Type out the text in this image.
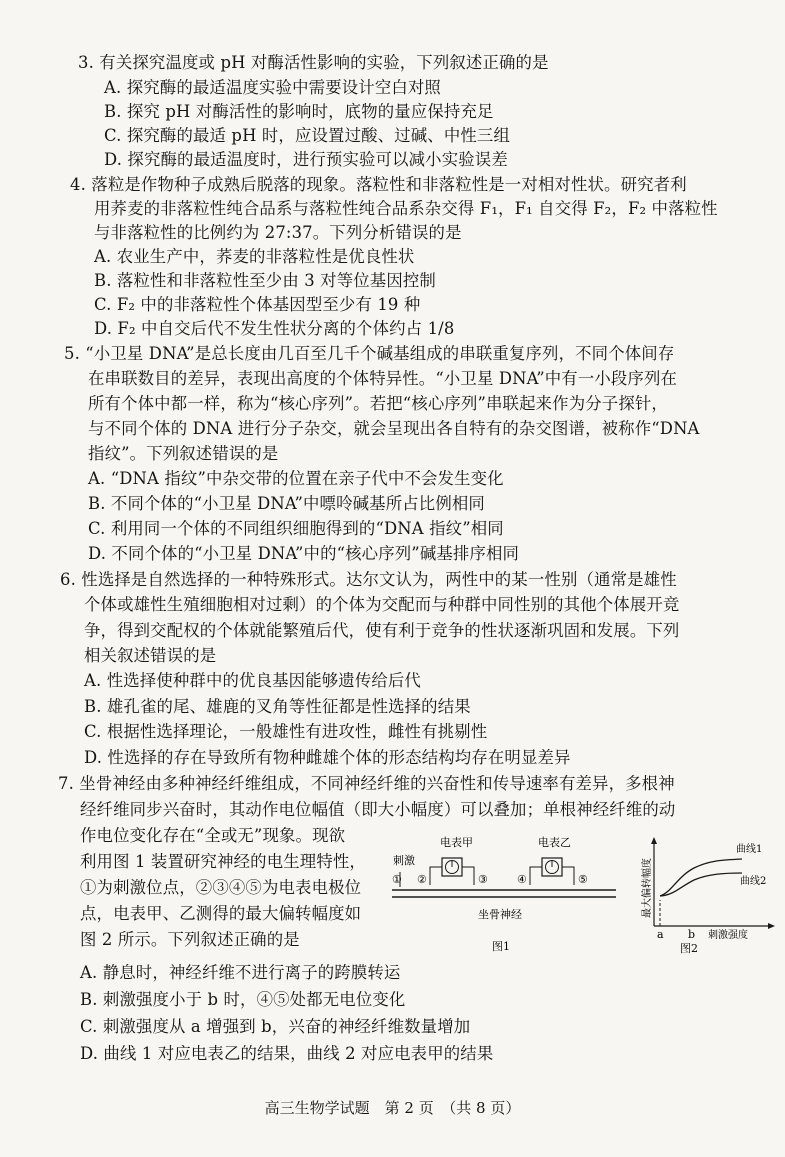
3. 有关探究温度或 pH 对酶活性影响的实验，下列叙述正确的是
A. 探究酶的最适温度实验中需要设计空白对照
B. 探究 pH 对酶活性的影响时，底物的量应保持充足
C. 探究酶的最适 pH 时，应设置过酸、过碱、中性三组
D. 探究酶的最适温度时，进行预实验可以减小实验误差
4. 落粒是作物种子成熟后脱落的现象。落粒性和非落粒性是一对相对性状。研究者利
用荞麦的非落粒性纯合品系与落粒性纯合品系杂交得 F₁，F₁ 自交得 F₂，F₂ 中落粒性
与非落粒性的比例约为 27:37。下列分析错误的是
A. 农业生产中，荞麦的非落粒性是优良性状
B. 落粒性和非落粒性至少由 3 对等位基因控制
C. F₂ 中的非落粒性个体基因型至少有 19 种
D. F₂ 中自交后代不发生性状分离的个体约占 1/8
5. “小卫星 DNA”是总长度由几百至几千个碱基组成的串联重复序列，不同个体间存
在串联数目的差异，表现出高度的个体特异性。“小卫星 DNA”中有一小段序列在
所有个体中都一样，称为“核心序列”。若把“核心序列”串联起来作为分子探针，
与不同个体的 DNA 进行分子杂交，就会呈现出各自特有的杂交图谱，被称作“DNA
指纹”。下列叙述错误的是
A. “DNA 指纹”中杂交带的位置在亲子代中不会发生变化
B. 不同个体的“小卫星 DNA”中嘌呤碱基所占比例相同
C. 利用同一个体的不同组织细胞得到的“DNA 指纹”相同
D. 不同个体的“小卫星 DNA”中的“核心序列”碱基排序相同
6. 性选择是自然选择的一种特殊形式。达尔文认为，两性中的某一性别（通常是雄性
个体或雄性生殖细胞相对过剩）的个体为交配而与种群中同性别的其他个体展开竞
争，得到交配权的个体就能繁殖后代，使有利于竞争的性状逐渐巩固和发展。下列
相关叙述错误的是
A. 性选择使种群中的优良基因能够遗传给后代
B. 雄孔雀的尾、雄鹿的叉角等性征都是性选择的结果
C. 根据性选择理论，一般雄性有进攻性，雌性有挑剔性
D. 性选择的存在导致所有物种雌雄个体的形态结构均存在明显差异
7. 坐骨神经由多种神经纤维组成，不同神经纤维的兴奋性和传导速率有差异，多根神
经纤维同步兴奋时，其动作电位幅值（即大小幅度）可以叠加；单根神经纤维的动
作电位变化存在“全或无”现象。现欲
利用图 1 装置研究神经的电生理特性，
①为刺激位点，②③④⑤为电表电极位
点，电表甲、乙测得的最大偏转幅度如
图 2 所示。下列叙述正确的是
A. 静息时，神经纤维不进行离子的跨膜转运
B. 刺激强度小于 b 时，④⑤处都无电位变化
C. 刺激强度从 a 增强到 b，兴奋的神经纤维数量增加
D. 曲线 1 对应电表乙的结果，曲线 2 对应电表甲的结果
刺激
电表甲	电表乙
① ②	③	④	⑤
坐骨神经
图1
最大偏转幅度
曲线1
曲线2
a b 刺激强度
图2
高三生物学试题　第 2 页　（共 8 页）
